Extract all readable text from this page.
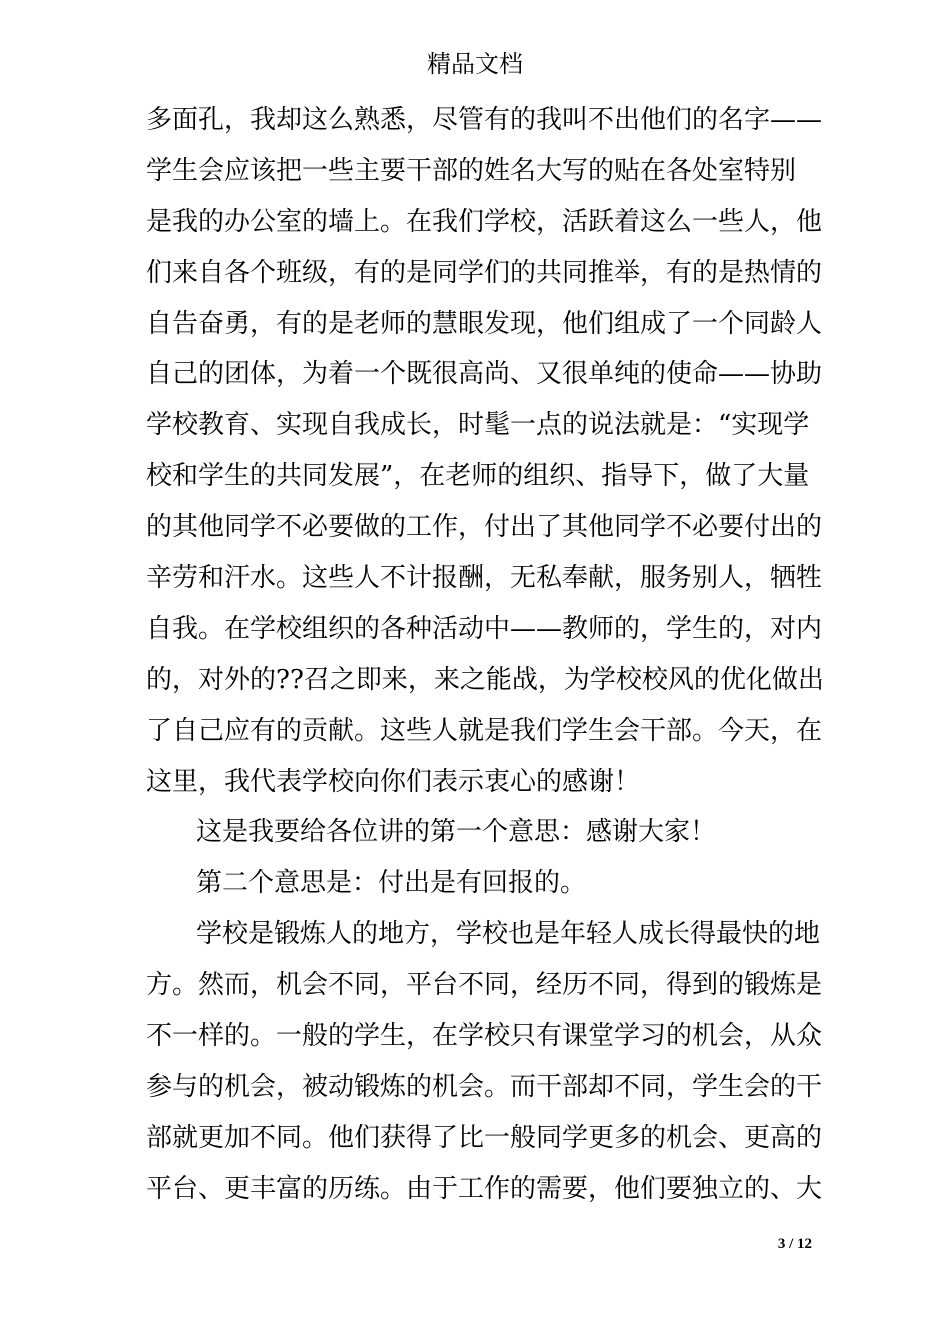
精品文档
多面孔，我却这么熟悉，尽管有的我叫不出他们的名字——
学生会应该把一些主要干部的姓名大写的贴在各处室特别
是我的办公室的墙上。在我们学校，活跃着这么一些人，他
们来自各个班级，有的是同学们的共同推举，有的是热情的
自告奋勇，有的是老师的慧眼发现，他们组成了一个同龄人
自己的团体，为着一个既很高尚、又很单纯的使命——协助
学校教育、实现自我成长，时髦一点的说法就是：“实现学
校和学生的共同发展”，在老师的组织、指导下，做了大量
的其他同学不必要做的工作，付出了其他同学不必要付出的
辛劳和汗水。这些人不计报酬，无私奉献，服务别人，牺牲
自我。在学校组织的各种活动中——教师的，学生的，对内
的，对外的??召之即来，来之能战，为学校校风的优化做出
了自己应有的贡献。这些人就是我们学生会干部。今天，在
这里，我代表学校向你们表示衷心的感谢！
这是我要给各位讲的第一个意思：感谢大家！
第二个意思是：付出是有回报的。
学校是锻炼人的地方，学校也是年轻人成长得最快的地
方。然而，机会不同，平台不同，经历不同，得到的锻炼是
不一样的。一般的学生，在学校只有课堂学习的机会，从众
参与的机会，被动锻炼的机会。而干部却不同，学生会的干
部就更加不同。他们获得了比一般同学更多的机会、更高的
平台、更丰富的历练。由于工作的需要，他们要独立的、大
3 / 12
